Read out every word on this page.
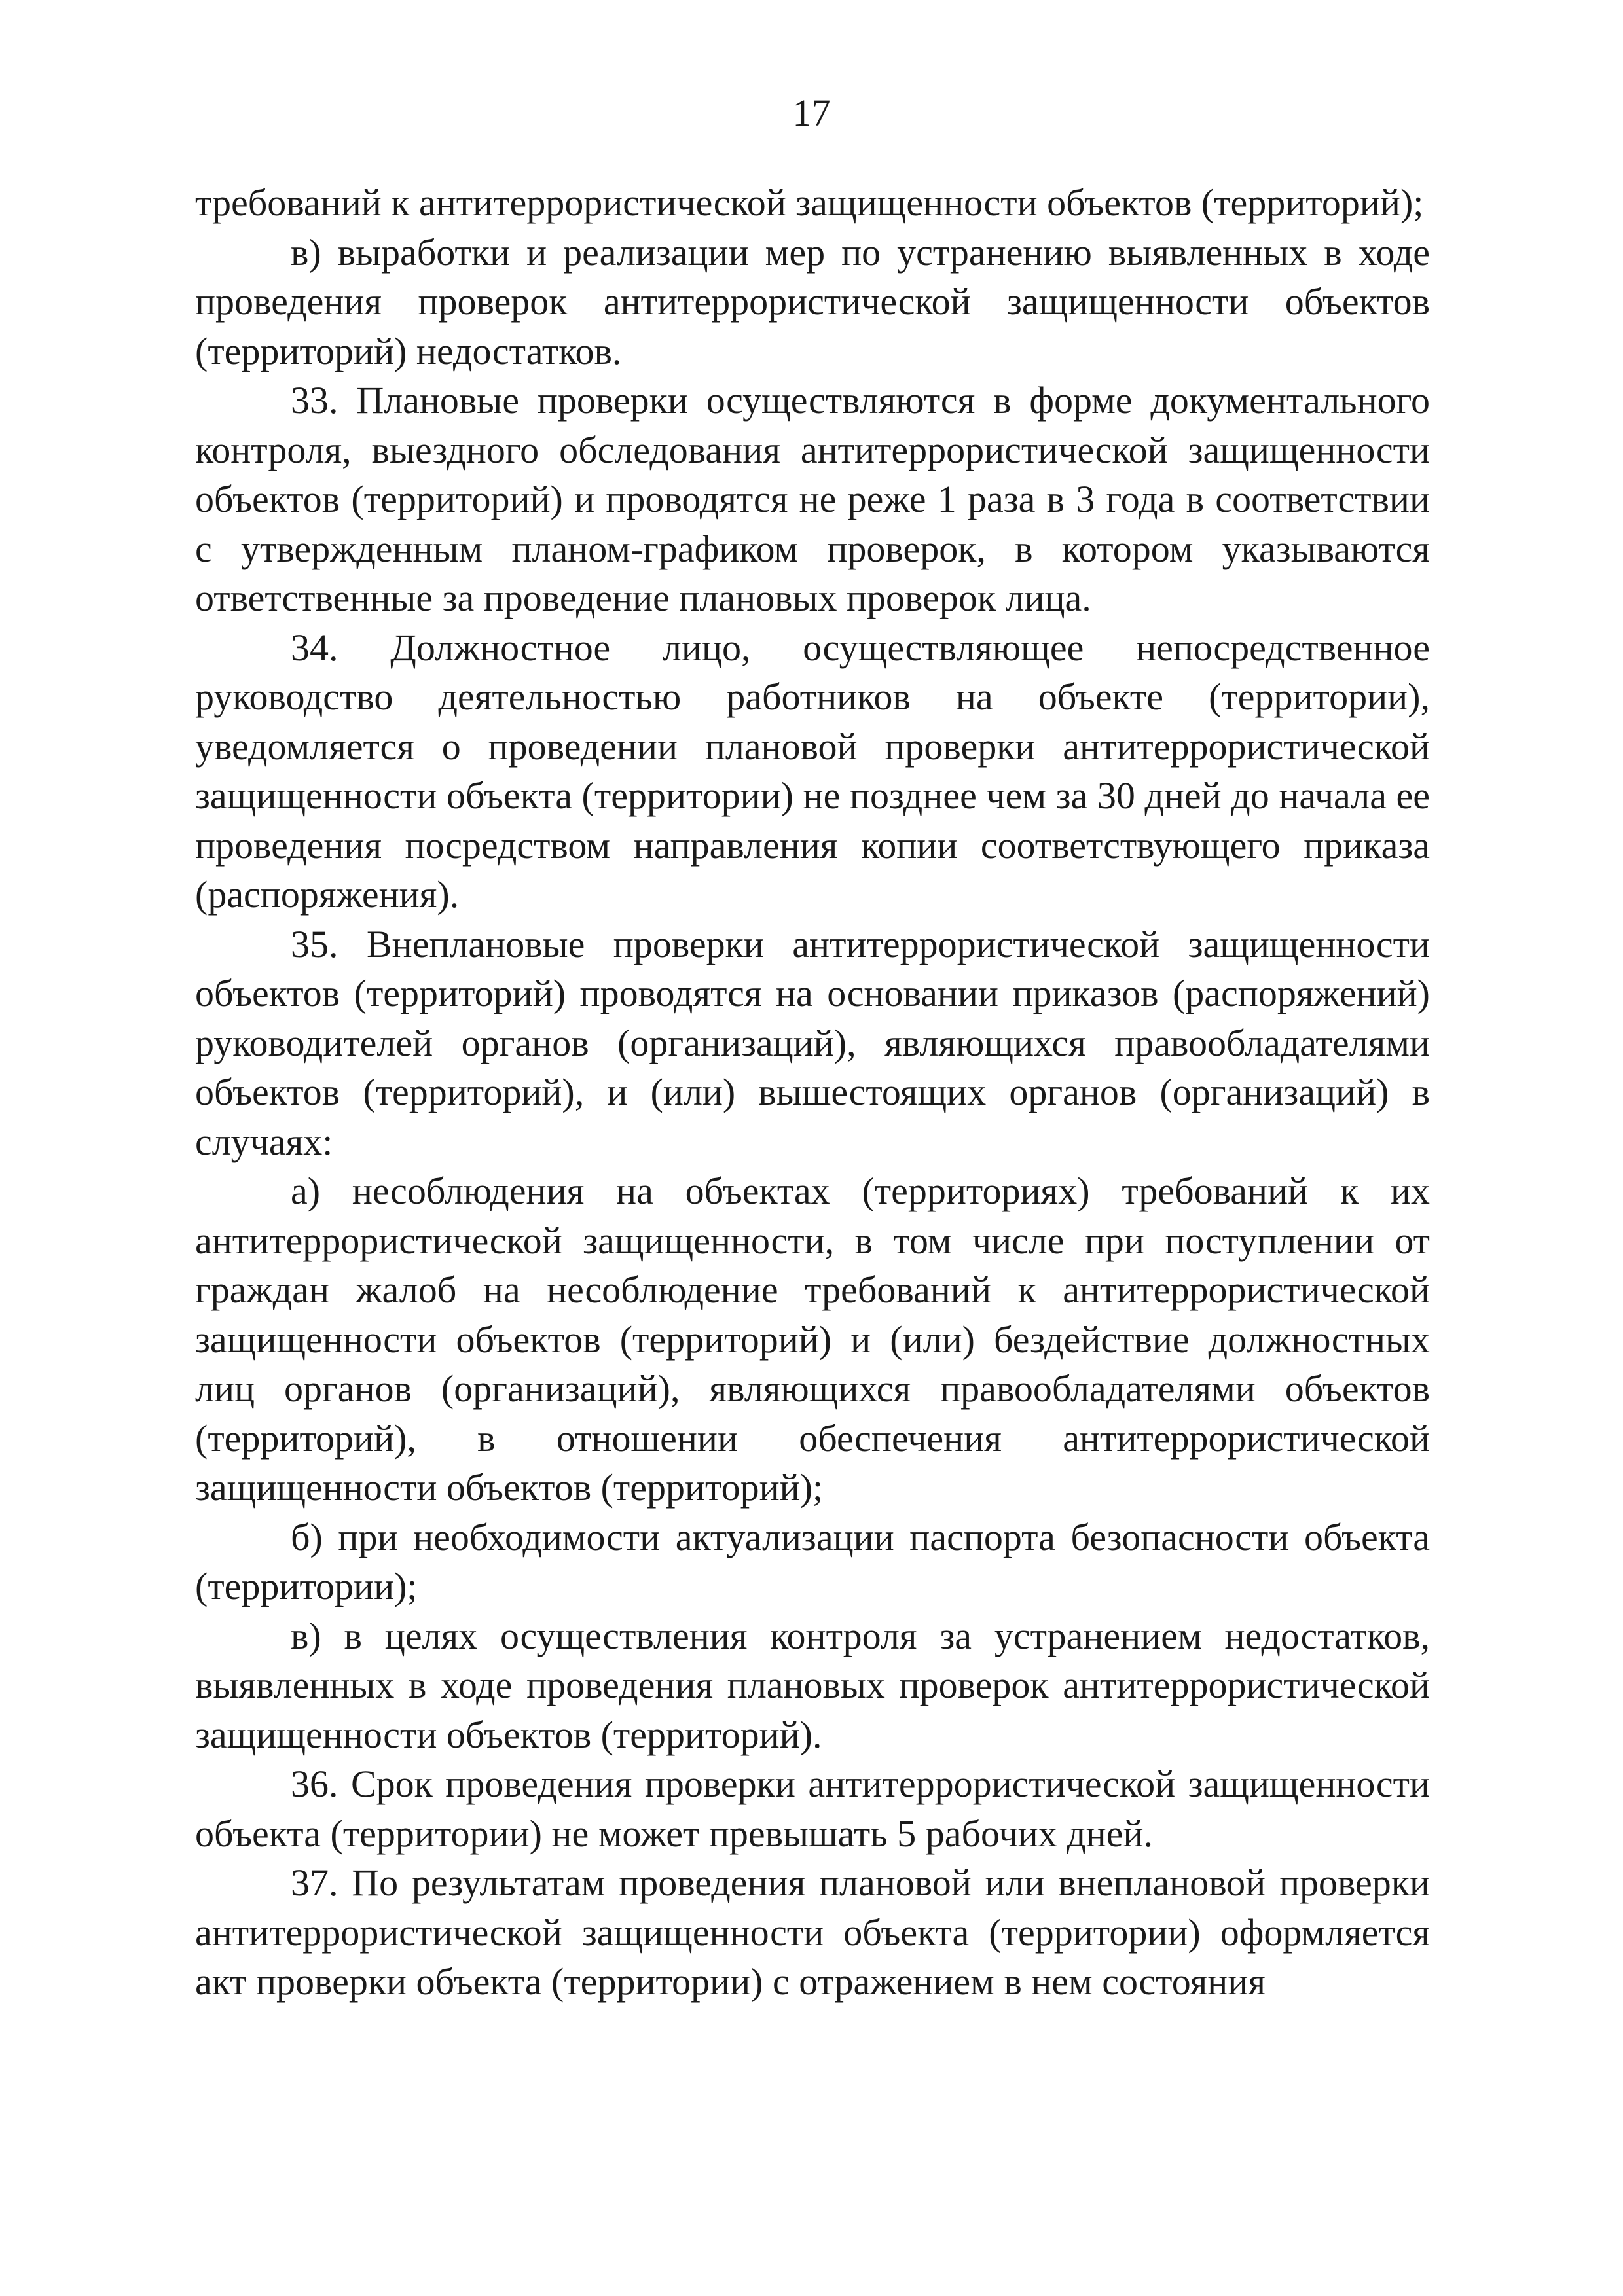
17

требований к антитеррористической защищенности объектов (территорий);

в) выработки и реализации мер по устранению выявленных в ходе проведения проверок антитеррористической защищенности объектов (территорий) недостатков.

33. Плановые проверки осуществляются в форме документального контроля, выездного обследования антитеррористической защищенности объектов (территорий) и проводятся не реже 1 раза в 3 года в соответствии с утвержденным планом-графиком проверок, в котором указываются ответственные за проведение плановых проверок лица.

34. Должностное лицо, осуществляющее непосредственное руководство деятельностью работников на объекте (территории), уведомляется о проведении плановой проверки антитеррористической защищенности объекта (территории) не позднее чем за 30 дней до начала ее проведения посредством направления копии соответствующего приказа (распоряжения).

35. Внеплановые проверки антитеррористической защищенности объектов (территорий) проводятся на основании приказов (распоряжений) руководителей органов (организаций), являющихся правообладателями объектов (территорий), и (или) вышестоящих органов (организаций) в случаях:

а) несоблюдения на объектах (территориях) требований к их антитеррористической защищенности, в том числе при поступлении от граждан жалоб на несоблюдение требований к антитеррористической защищенности объектов (территорий) и (или) бездействие должностных лиц органов (организаций), являющихся правообладателями объектов (территорий), в отношении обеспечения антитеррористической защищенности объектов (территорий);

б) при необходимости актуализации паспорта безопасности объекта (территории);

в) в целях осуществления контроля за устранением недостатков, выявленных в ходе проведения плановых проверок антитеррористической защищенности объектов (территорий).

36. Срок проведения проверки антитеррористической защищенности объекта (территории) не может превышать 5 рабочих дней.

37. По результатам проведения плановой или внеплановой проверки антитеррористической защищенности объекта (территории) оформляется акт проверки объекта (территории) с отражением в нем состояния
